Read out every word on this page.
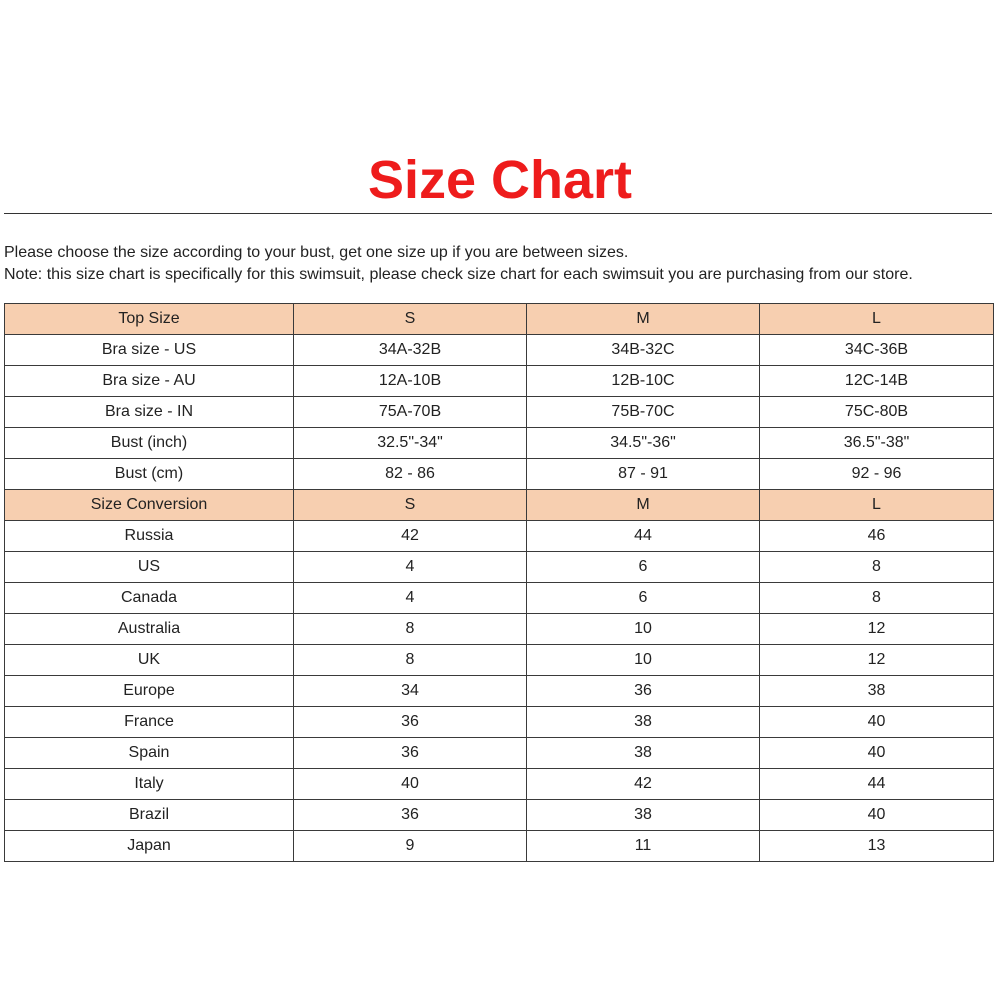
Size Chart
Please choose the size according to your bust, get one size up if you are between sizes.
Note: this size chart is specifically for this swimsuit, please check size chart for each swimsuit you are purchasing from our store.
Top Size	S	M	L
Bra size - US	34A-32B	34B-32C	34C-36B
Bra size - AU	12A-10B	12B-10C	12C-14B
Bra size - IN	75A-70B	75B-70C	75C-80B
Bust (inch)	32.5"-34"	34.5"-36"	36.5"-38"
Bust (cm)	82 - 86	87 - 91	92 - 96
Size Conversion	S	M	L
Russia	42	44	46
US	4	6	8
Canada	4	6	8
Australia	8	10	12
UK	8	10	12
Europe	34	36	38
France	36	38	40
Spain	36	38	40
Italy	40	42	44
Brazil	36	38	40
Japan	9	11	13
